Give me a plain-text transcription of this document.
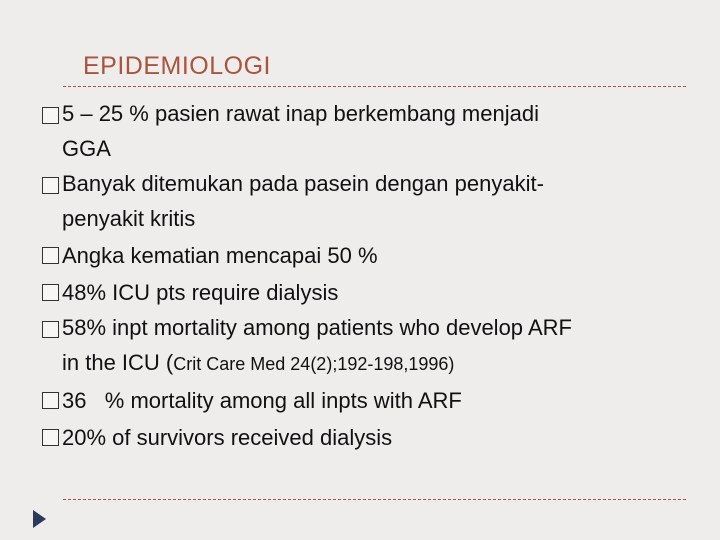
EPIDEMIOLOGI
5 – 25 % pasien rawat inap berkembang menjadi
GGA
Banyak ditemukan pada pasein dengan penyakit-
penyakit kritis
Angka kematian mencapai 50 %
48% ICU pts require dialysis
58% inpt mortality among patients who develop ARF
in the ICU (Crit Care Med 24(2);192-198,1996)
36   % mortality among all inpts with ARF
20% of survivors received dialysis
